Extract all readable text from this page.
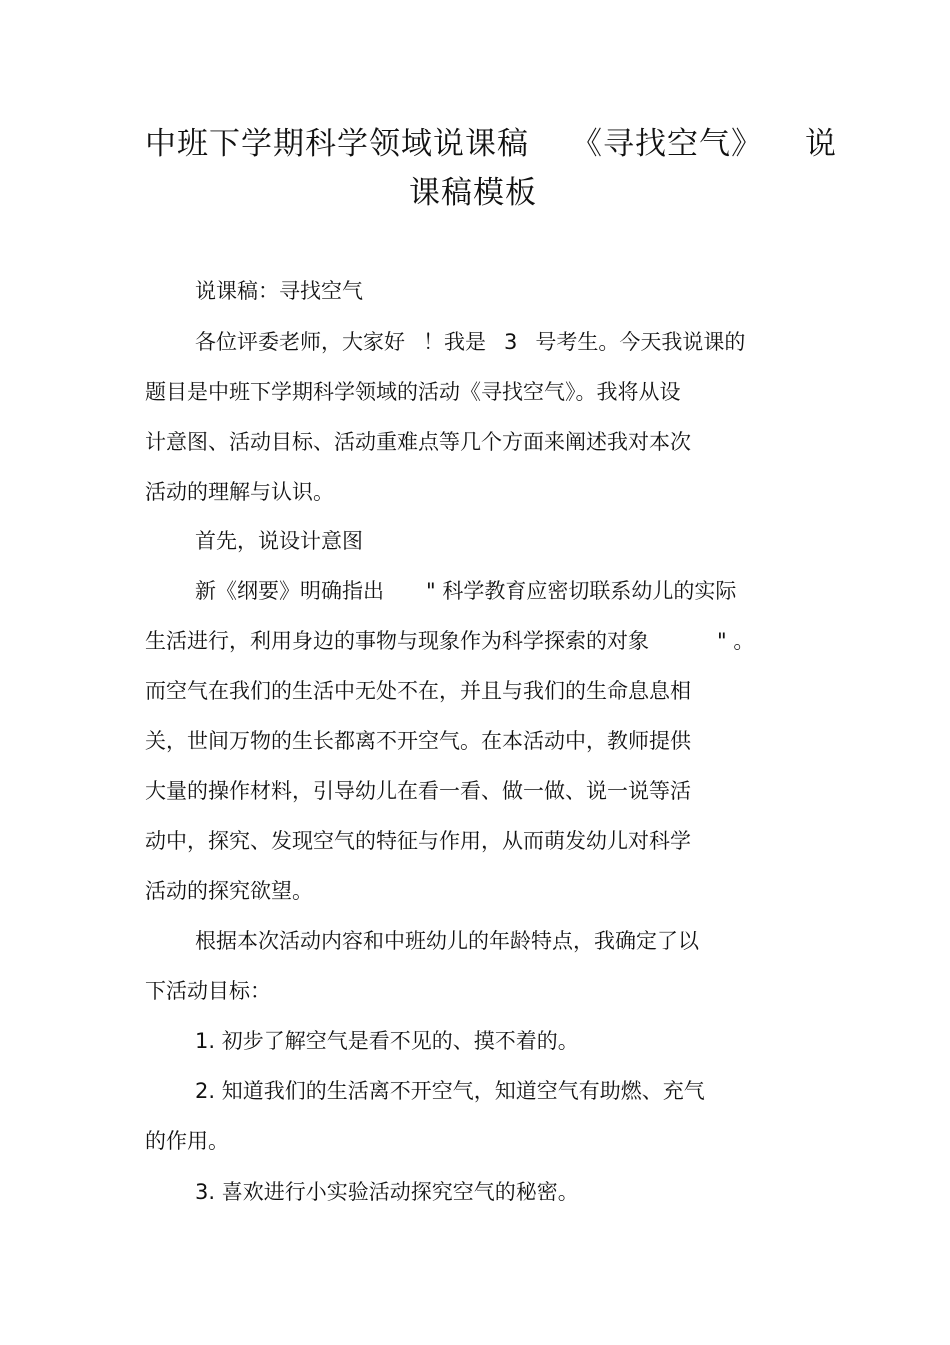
中班下学期科学领域说课稿 《寻找空气》 说
课稿模板
说课稿：寻找空气
各位评委老师，大家好 ！我是 3 号考生。今天我说课的
题目是中班下学期科学领域的活动《寻找空气》。我将从设
计意图、活动目标、活动重难点等几个方面来阐述我对本次
活动的理解与认识。
首先，说设计意图
新《纲要》明确指出 " 科学教育应密切联系幼儿的实际
生活进行，利用身边的事物与现象作为科学探索的对象	" 。
而空气在我们的生活中无处不在，并且与我们的生命息息相
关，世间万物的生长都离不开空气。在本活动中，教师提供
大量的操作材料，引导幼儿在看一看、做一做、说一说等活
动中，探究、发现空气的特征与作用，从而萌发幼儿对科学
活动的探究欲望。
根据本次活动内容和中班幼儿的年龄特点，我确定了以
下活动目标：
1. 初步了解空气是看不见的、摸不着的。
2. 知道我们的生活离不开空气，知道空气有助燃、充气
的作用。
3. 喜欢进行小实验活动探究空气的秘密。
